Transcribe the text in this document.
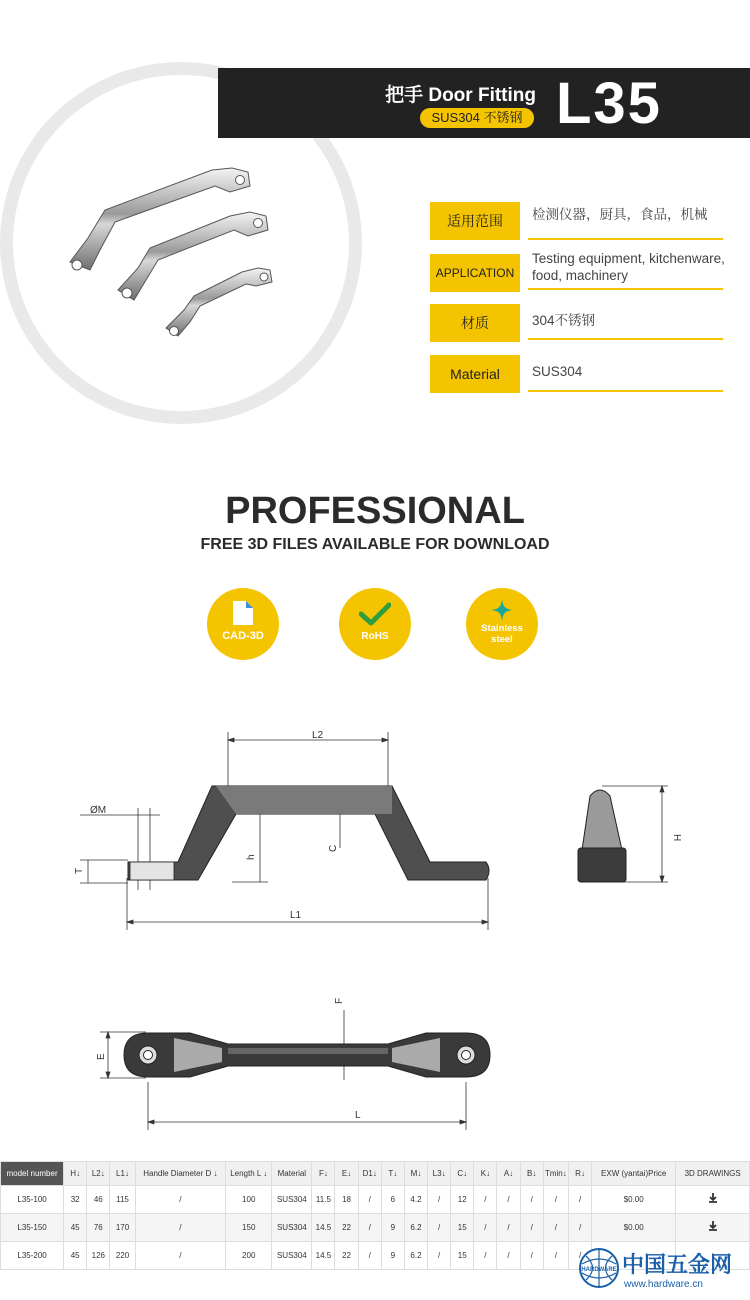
把手 Door Fitting
SUS304 不锈钢 L35
适用范围	检测仪器，厨具，食品，机械
APPLICATION
Testing equipment, kitchenware, food, machinery
材质	304不锈钢
Material	SUS304
PROFESSIONAL
FREE 3D FILES AVAILABLE FOR DOWNLOAD
CAD-3D	RoHS
Stainless
steel
L2
ØM
T
h
C
L1
H
F
E
L
model number	H↓	L2↓	L1↓	Handle Diameter D ↓	Length L ↓	Material	F↓	E↓	D1↓	T↓	M↓	L3↓	C↓	K↓	A↓	B↓	Tmin↓	R↓	EXW (yantai)Price	3D DRAWINGS
L35-100	32	46	115	/	100	SUS304	11.5	18	/	6	4.2	/	12	/	/	/	/	/	$0.00	
L35-150	45	76	170	/	150	SUS304	14.5	22	/	9	6.2	/	15	/	/	/	/	/	$0.00	
L35-200	45	126	220	/	200	SUS304	14.5	22	/	9	6.2	/	15	/	/	/	/	/		
HARDWARE 中国五金网
www.hardware.cn
